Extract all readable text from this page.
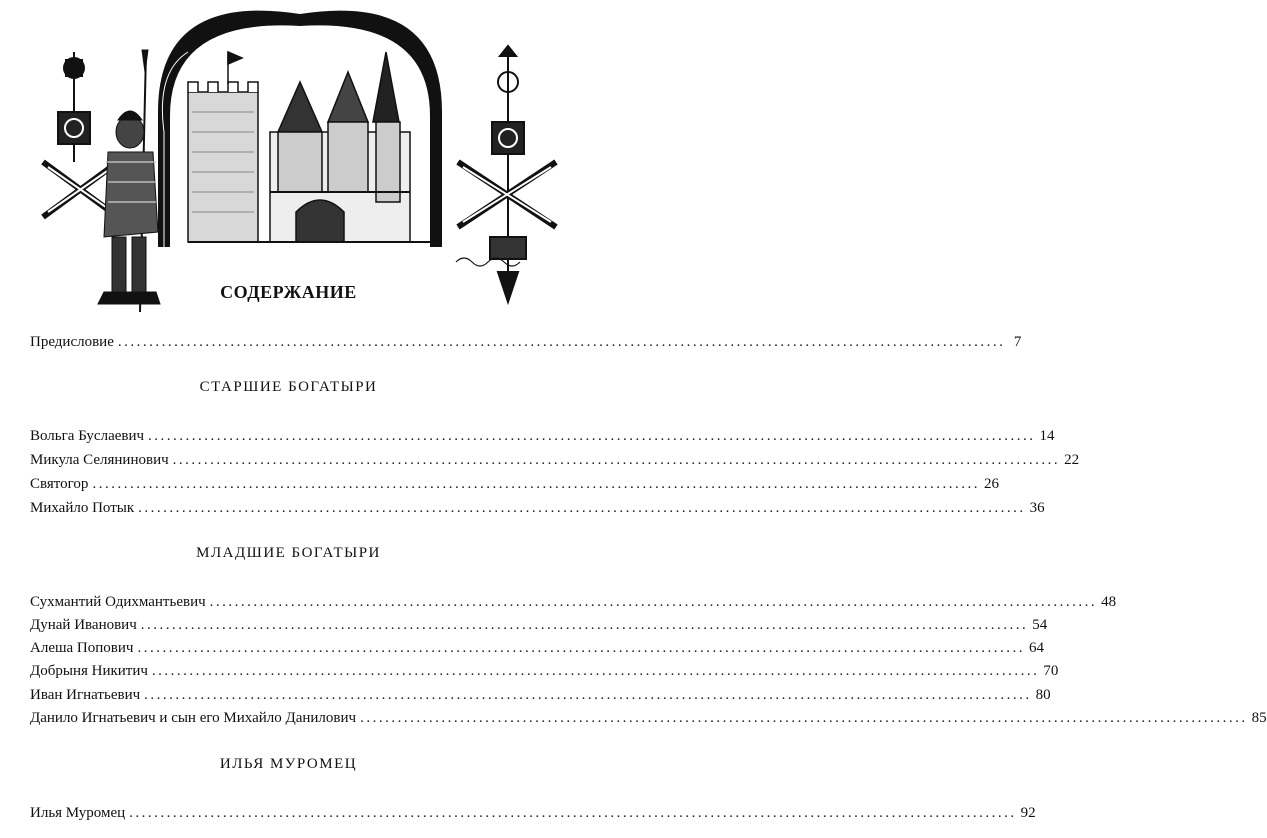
СОДЕРЖАНИЕ
Предисловие .............................................................................................................................................. 7
Вольга Буслаевич .............................................................................................................................................. 14
Микула Селянинович .............................................................................................................................................. 22
Святогор .............................................................................................................................................. 26
Михайло Потык .............................................................................................................................................. 36
Сухмантий Одихмантьевич .............................................................................................................................................. 48
Дунай Иванович .............................................................................................................................................. 54
Алеша Попович .............................................................................................................................................. 64
Добрыня Никитич .............................................................................................................................................. 70
Иван Игнатьевич .............................................................................................................................................. 80
Данило Игнатьевич и сын его Михайло Данилович .............................................................................................................................................. 85
Илья Муромец .............................................................................................................................................. 92
СТАРШИЕ БОГАТЫРИ
МЛАДШИЕ БОГАТЫРИ
ИЛЬЯ МУРОМЕЦ
